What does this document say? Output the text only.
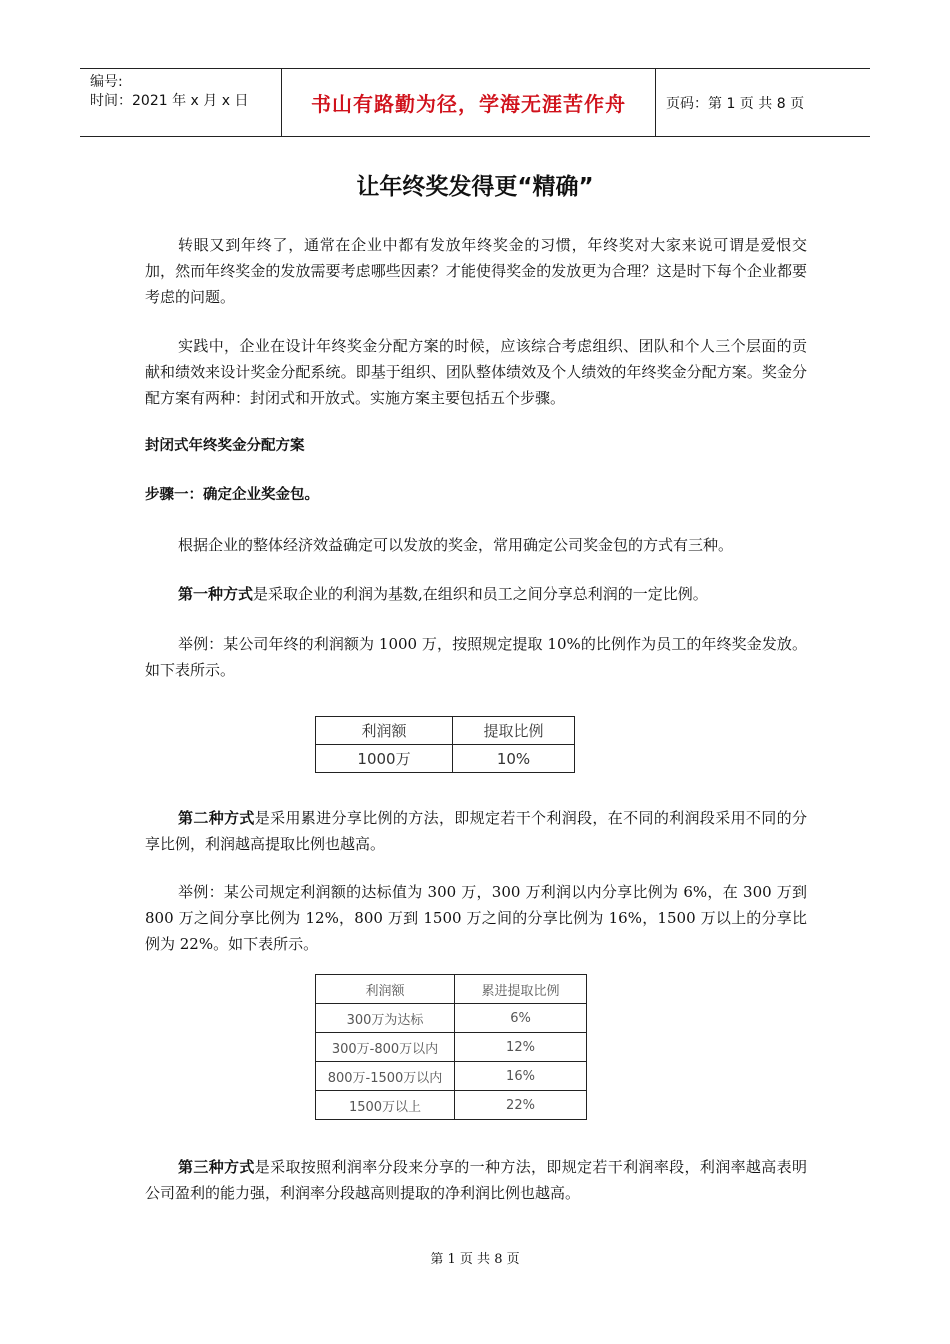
编号:
时间：2021 年 x 月 x 日	书山有路勤为径，学海无涯苦作舟	页码：第 1 页 共 8 页
让年终奖发得更“精确”

转眼又到年终了，通常在企业中都有发放年终奖金的习惯，年终奖对大家来说可谓是爱恨交加，然而年终奖金的发放需要考虑哪些因素？才能使得奖金的发放更为合理？这是时下每个企业都要考虑的问题。

实践中，企业在设计年终奖金分配方案的时候，应该综合考虑组织、团队和个人三个层面的贡献和绩效来设计奖金分配系统。即基于组织、团队整体绩效及个人绩效的年终奖金分配方案。奖金分配方案有两种：封闭式和开放式。实施方案主要包括五个步骤。

封闭式年终奖金分配方案

步骤一：确定企业奖金包。

根据企业的整体经济效益确定可以发放的奖金，常用确定公司奖金包的方式有三种。

第一种方式是采取企业的利润为基数,在组织和员工之间分享总利润的一定比例。

举例：某公司年终的利润额为 1000 万，按照规定提取 10%的比例作为员工的年终奖金发放。如下表所示。

利润额	提取比例
1000万	10%

第二种方式是采用累进分享比例的方法，即规定若干个利润段，在不同的利润段采用不同的分享比例，利润越高提取比例也越高。

举例：某公司规定利润额的达标值为 300 万，300 万利润以内分享比例为 6%，在 300 万到 800 万之间分享比例为 12%，800 万到 1500 万之间的分享比例为 16%，1500 万以上的分享比例为 22%。如下表所示。

利润额	累进提取比例
300万为达标	6%
300万-800万以内	12%
800万-1500万以内	16%
1500万以上	22%

第三种方式是采取按照利润率分段来分享的一种方法，即规定若干利润率段，利润率越高表明公司盈利的能力强，利润率分段越高则提取的净利润比例也越高。

第 1 页 共 8 页
